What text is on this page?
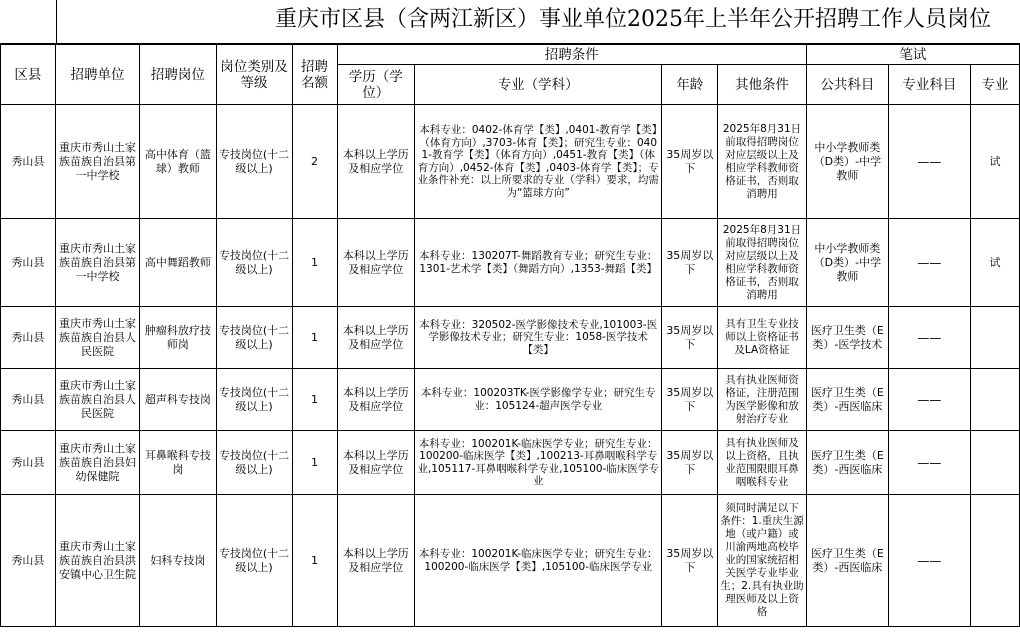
重庆市区县（含两江新区）事业单位2025年上半年公开招聘工作人员岗位
区县	招聘单位	招聘岗位	岗位类别及等级	招聘名额	招聘条件				笔试		
					学历（学位）	专业（学科）	年龄	其他条件	公共科目	专业科目	专业
秀山县	重庆市秀山土家族苗族自治县第一中学校	高中体育（篮球）教师	专技岗位(十二级以上)	2	本科以上学历及相应学位	本科专业：0402-体育学【类】,0401-教育学【类】（体育方向）,3703-体育【类】；研究生专业：0401-教育学【类】（体育方向）,0451-教育【类】（体育方向）,0452-体育【类】,0403-体育学【类】；专业条件补充：以上所要求的专业（学科）要求，均需为“篮球方向”	35周岁以下	2025年8月31日前取得招聘岗位对应层级以上及相应学科教师资格证书，否则取消聘用	中小学教师类（D类）-中学教师	——	试
秀山县	重庆市秀山土家族苗族自治县第一中学校	高中舞蹈教师	专技岗位(十二级以上)	1	本科以上学历及相应学位	本科专业：130207T-舞蹈教育专业；研究生专业：1301-艺术学【类】（舞蹈方向）,1353-舞蹈【类】	35周岁以下	2025年8月31日前取得招聘岗位对应层级以上及相应学科教师资格证书，否则取消聘用	中小学教师类（D类）-中学教师	——	试
秀山县	重庆市秀山土家族苗族自治县人民医院	肿瘤科放疗技师岗	专技岗位(十二级以上)	1	本科以上学历及相应学位	本科专业：320502-医学影像技术专业,101003-医学影像技术专业；研究生专业：1058-医学技术【类】	35周岁以下	具有卫生专业技师以上资格证书及LA资格证	医疗卫生类（E类）-医学技术	——	
秀山县	重庆市秀山土家族苗族自治县人民医院	超声科专技岗	专技岗位(十二级以上)	1	本科以上学历及相应学位	本科专业：100203TK-医学影像学专业；研究生专业：105124-超声医学专业	35周岁以下	具有执业医师资格证，注册范围为医学影像和放射治疗专业	医疗卫生类（E类）-西医临床	——	
秀山县	重庆市秀山土家族苗族自治县妇幼保健院	耳鼻喉科专技岗	专技岗位(十二级以上)	1	本科以上学历及相应学位	本科专业：100201K-临床医学专业；研究生专业：100200-临床医学【类】,100213-耳鼻咽喉科学专业,105117-耳鼻咽喉科学专业,105100-临床医学专业	35周岁以下	具有执业医师及以上资格，且执业范围限眼耳鼻咽喉科专业	医疗卫生类（E类）-西医临床	——	
秀山县	重庆市秀山土家族苗族自治县洪安镇中心卫生院	妇科专技岗	专技岗位(十二级以上)	1	本科以上学历及相应学位	本科专业：100201K-临床医学专业；研究生专业：100200-临床医学【类】,105100-临床医学专业	35周岁以下	须同时满足以下条件：1.重庆生源地（或户籍）或川渝两地高校毕业的国家统招相关医学专业毕业生；2.具有执业助理医师及以上资格	医疗卫生类（E类）-西医临床	——	
